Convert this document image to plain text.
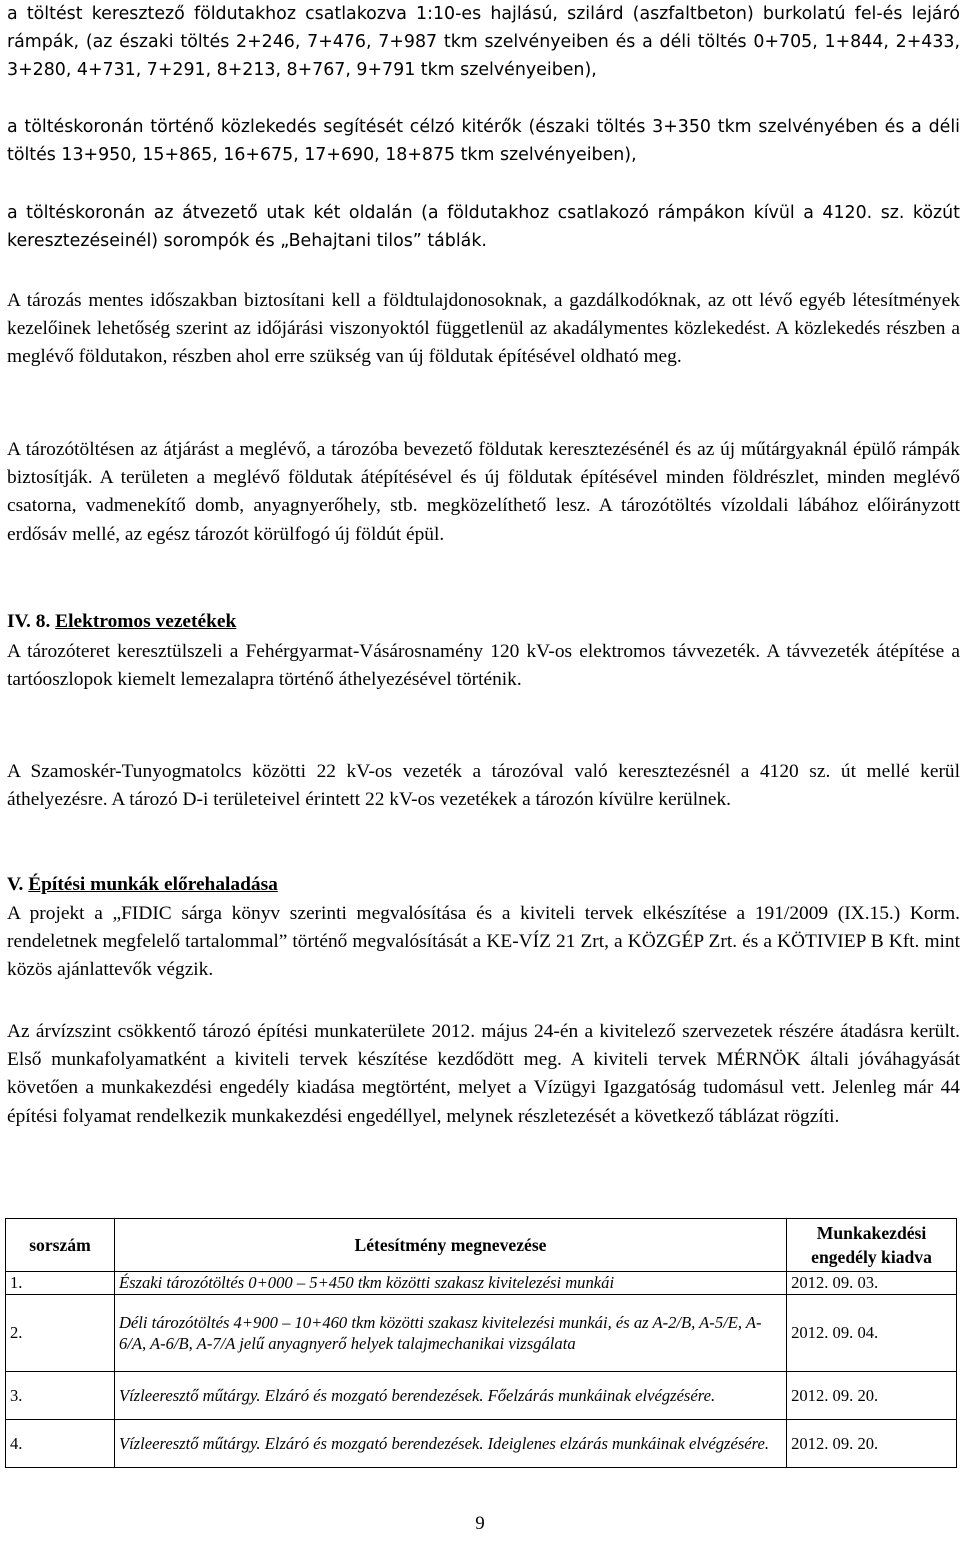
a töltést keresztező földutakhoz csatlakozva 1:10-es hajlású, szilárd (aszfaltbeton) burkolatú fel-és lejáró rámpák, (az északi töltés 2+246, 7+476, 7+987 tkm szelvényeiben és a déli töltés 0+705, 1+844, 2+433, 3+280, 4+731, 7+291, 8+213, 8+767, 9+791 tkm szelvényeiben),
a töltéskoronán történő közlekedés segítését célzó kitérők (északi töltés 3+350 tkm szelvényében és a déli töltés 13+950, 15+865, 16+675, 17+690, 18+875 tkm szelvényeiben),
a töltéskoronán az átvezető utak két oldalán (a földutakhoz csatlakozó rámpákon kívül a 4120. sz. közút keresztezéseinél) sorompók és „Behajtani tilos” táblák.
A tározás mentes időszakban biztosítani kell a földtulajdonosoknak, a gazdálkodóknak, az ott lévő egyéb létesítmények kezelőinek lehetőség szerint az időjárási viszonyoktól függetlenül az akadálymentes közlekedést. A közlekedés részben a meglévő földutakon, részben ahol erre szükség van új földutak építésével oldható meg.
A tározótöltésen az átjárást a meglévő, a tározóba bevezető földutak keresztezésénél és az új műtárgyaknál épülő rámpák biztosítják. A területen a meglévő földutak átépítésével és új földutak építésével minden földrészlet, minden meglévő csatorna, vadmenekítő domb, anyagnyerőhely, stb. megközelíthető lesz. A tározótöltés vízoldali lábához előirányzott erdősáv mellé, az egész tározót körülfogó új földút épül.
IV. 8. Elektromos vezetékek
A tározóteret keresztülszeli a Fehérgyarmat-Vásárosnamény 120 kV-os elektromos távvezeték. A távvezeték átépítése a tartóoszlopok kiemelt lemezalapra történő áthelyezésével történik.
A Szamoskér-Tunyogmatolcs közötti 22 kV-os vezeték a tározóval való keresztezésnél a 4120 sz. út mellé kerül áthelyezésre. A tározó D-i területeivel érintett 22 kV-os vezetékek a tározón kívülre kerülnek.
V. Építési munkák előrehaladása
A projekt a „FIDIC sárga könyv szerinti megvalósítása és a kiviteli tervek elkészítése a 191/2009 (IX.15.) Korm. rendeletnek megfelelő tartalommal” történő megvalósítását a KE-VÍZ 21 Zrt, a KÖZGÉP Zrt. és a KÖTIVIEP B Kft. mint közös ajánlattevők végzik.
Az árvízszint csökkentő tározó építési munkaterülete 2012. május 24-én a kivitelező szervezetek részére átadásra került. Első munkafolyamatként a kiviteli tervek készítése kezdődött meg. A kiviteli tervek MÉRNÖK általi jóváhagyását követően a munkakezdési engedély kiadása megtörtént, melyet a Vízügyi Igazgatóság tudomásul vett. Jelenleg már 44 építési folyamat rendelkezik munkakezdési engedéllyel, melynek részletezését a következő táblázat rögzíti.
sorszám	Létesítmény megnevezése	Munkakezdési engedély kiadva
1.	Északi tározótöltés 0+000 – 5+450 tkm közötti szakasz kivitelezési munkái	2012. 09. 03.
2.	Déli tározótöltés 4+900 – 10+460 tkm közötti szakasz kivitelezési munkái, és az A-2/B, A-5/E, A-6/A, A-6/B, A-7/A jelű anyagnyerő helyek talajmechanikai vizsgálata	2012. 09. 04.
3.	Vízleeresztő műtárgy. Elzáró és mozgató berendezések. Főelzárás munkáinak elvégzésére.	2012. 09. 20.
4.	Vízleeresztő műtárgy. Elzáró és mozgató berendezések. Ideiglenes elzárás munkáinak elvégzésére.	2012. 09. 20.
9
